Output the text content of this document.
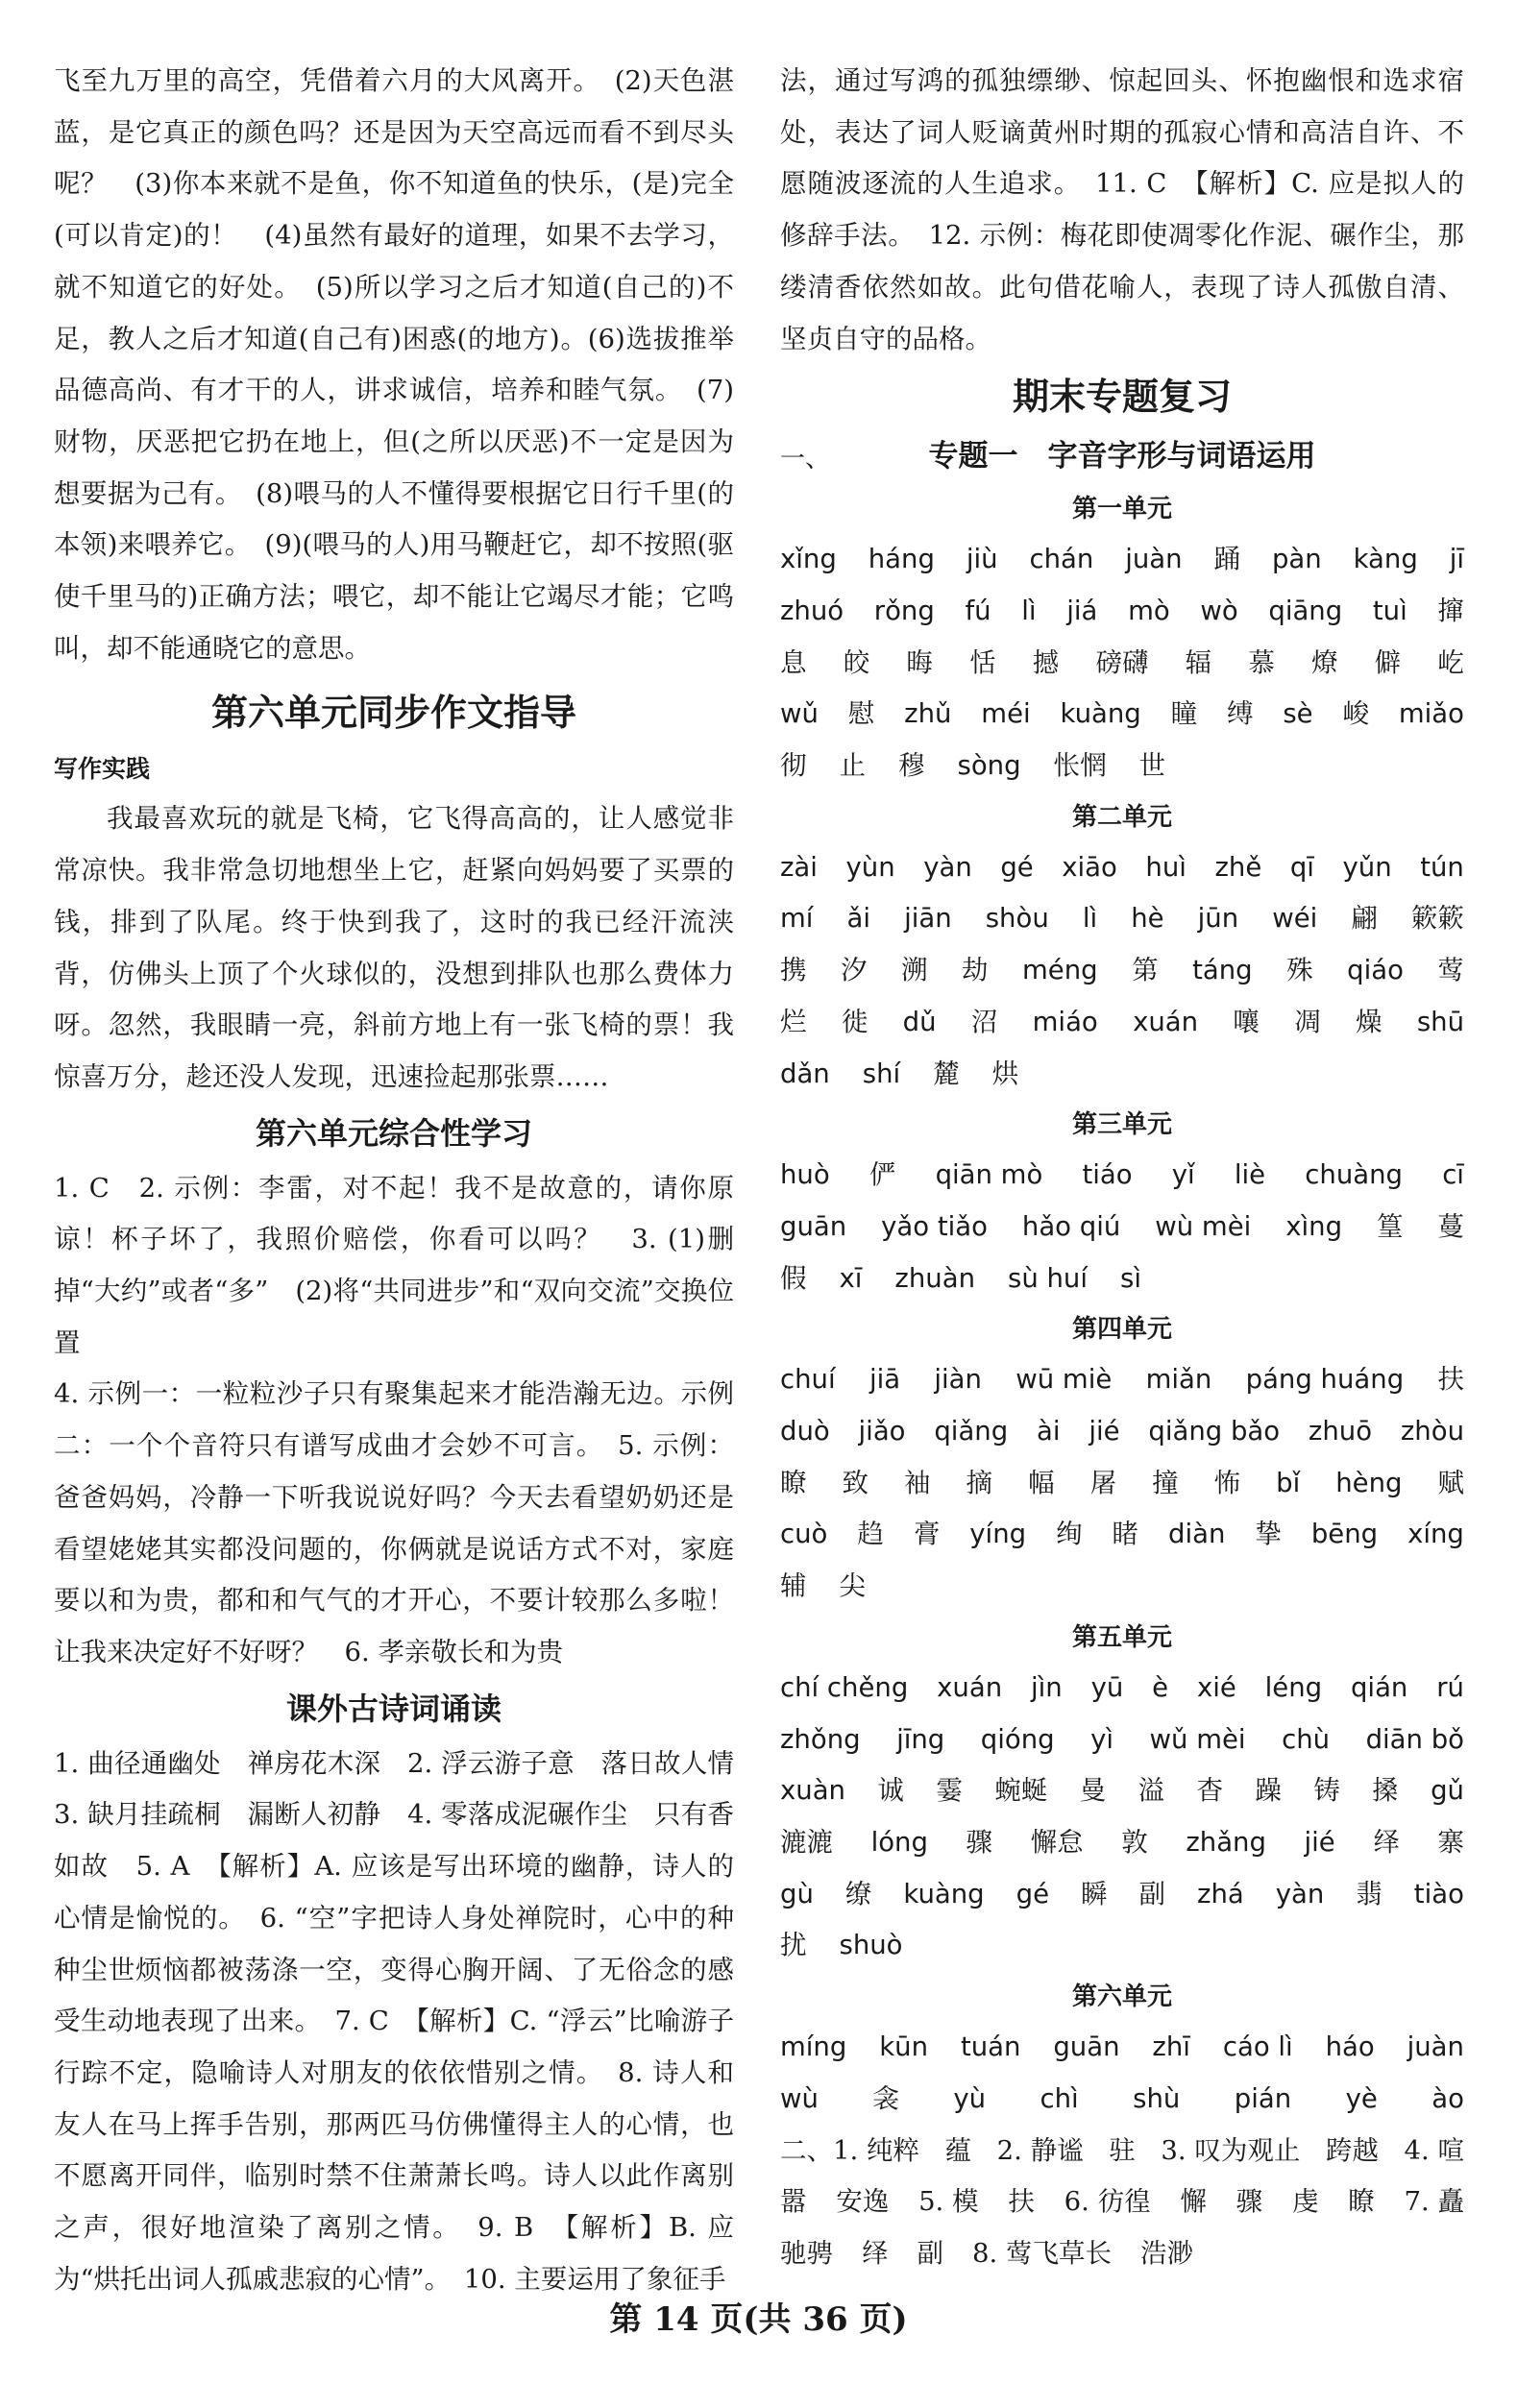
飞至九万里的高空，凭借着六月的大风离开。　(2)天色湛蓝，是它真正的颜色吗？还是因为天空高远而看不到尽头呢？　(3)你本来就不是鱼，你不知道鱼的快乐，(是)完全(可以肯定)的！　(4)虽然有最好的道理，如果不去学习，就不知道它的好处。　(5)所以学习之后才知道(自己的)不足，教人之后才知道(自己有)困惑(的地方)。(6)选拔推举品德高尚、有才干的人，讲求诚信，培养和睦气氛。　(7)财物，厌恶把它扔在地上，但(之所以厌恶)不一定是因为想要据为己有。　(8)喂马的人不懂得要根据它日行千里(的本领)来喂养它。　(9)(喂马的人)用马鞭赶它，却不按照(驱使千里马的)正确方法；喂它，却不能让它竭尽才能；它鸣叫，却不能通晓它的意思。

第六单元同步作文指导

写作实践

我最喜欢玩的就是飞椅，它飞得高高的，让人感觉非常凉快。我非常急切地想坐上它，赶紧向妈妈要了买票的钱，排到了队尾。终于快到我了，这时的我已经汗流浃背，仿佛头上顶了个火球似的，没想到排队也那么费体力呀。忽然，我眼睛一亮，斜前方地上有一张飞椅的票！我惊喜万分，趁还没人发现，迅速捡起那张票……

第六单元综合性学习

1. C　2. 示例：李雷，对不起！我不是故意的，请你原谅！杯子坏了，我照价赔偿，你看可以吗？　3. (1)删掉“大约”或者“多”　(2)将“共同进步”和“双向交流”交换位置

4. 示例一：一粒粒沙子只有聚集起来才能浩瀚无边。示例二：一个个音符只有谱写成曲才会妙不可言。　5. 示例：爸爸妈妈，冷静一下听我说说好吗？今天去看望奶奶还是看望姥姥其实都没问题的，你俩就是说话方式不对，家庭要以和为贵，都和和气气的才开心，不要计较那么多啦！让我来决定好不好呀？　6. 孝亲敬长和为贵

课外古诗词诵读

1. 曲径通幽处　禅房花木深　2. 浮云游子意　落日故人情　3. 缺月挂疏桐　漏断人初静　4. 零落成泥碾作尘　只有香如故　5. A　【解析】A. 应该是写出环境的幽静，诗人的心情是愉悦的。　6. “空”字把诗人身处禅院时，心中的种种尘世烦恼都被荡涤一空，变得心胸开阔、了无俗念的感受生动地表现了出来。　7. C　【解析】C. “浮云”比喻游子行踪不定，隐喻诗人对朋友的依依惜别之情。　8. 诗人和友人在马上挥手告别，那两匹马仿佛懂得主人的心情，也不愿离开同伴，临别时禁不住萧萧长鸣。诗人以此作离别之声，很好地渲染了离别之情。　9. B　【解析】B. 应为“烘托出词人孤戚悲寂的心情”。　10. 主要运用了象征手

法，通过写鸿的孤独缥缈、惊起回头、怀抱幽恨和选求宿处，表达了词人贬谪黄州时期的孤寂心情和高洁自许、不愿随波逐流的人生追求。　11. C　【解析】C. 应是拟人的修辞手法。　12. 示例：梅花即使凋零化作泥、碾作尘，那缕清香依然如故。此句借花喻人，表现了诗人孤傲自清、坚贞自守的品格。

期末专题复习

专题一　字音字形与词语运用

一、

第一单元

xǐng háng jiù chán juàn 踊 pàn kàng jī
zhuó rǒng fú lì jiá mò wò qiāng tuì 撺
息 皎 晦 恬 撼 磅礴 辐 慕 燎 僻 屹
wǔ 慰 zhǔ méi kuàng 瞳 缚 sè 峻 miǎo
彻 止 穆 sòng 怅惘 世

第二单元

zài yùn yàn gé xiāo huì zhě qī yǔn tún
mí ǎi jiān shòu lì hè jūn wéi 翩 簌簌
携 汐 溯 劫 méng 第 táng 殊 qiáo 莺
烂 徙 dǔ 沼 miáo xuán 嚷 凋 燥 shū
dǎn shí 麓 烘

第三单元

huò 俨 qiān mò tiáo yǐ liè chuàng cī
guān yǎo tiǎo hǎo qiú wù mèi xìng 篁 蔓
假 xī zhuàn sù huí sì

第四单元

chuí jiā jiàn wū miè miǎn páng huáng 扶
duò jiǎo qiǎng ài jié qiǎng bǎo zhuō zhòu
瞭 致 袖 摘 幅 屠 撞 怖 bǐ hèng 赋
cuò 趋 膏 yíng 绚 睹 diàn 挚 bēng xíng
辅 尖

第五单元

chí chěng xuán jìn yū è xié léng qián rú
zhǒng jīng qióng yì wǔ mèi chù diān bǒ
xuàn 诚 霎 蜿蜒 曼 溢 杳 躁 铸 搡 gǔ
漉漉 lóng 骤 懈怠 敦 zhǎng jié 绎 寨
gù 缭 kuàng gé 瞬 副 zhá yàn 翡 tiào
扰 shuò

第六单元

míng kūn tuán guān zhī cáo lì háo juàn
wù 衾 yù chì shù pián yè ào
二、1. 纯粹 蕴 2. 静谧 驻 3. 叹为观止 跨越 4. 喧
嚣 安逸 5. 模 扶 6. 彷徨 懈 骤 虔 瞭 7. 矗
驰骋 绎 副 8. 莺飞草长 浩渺
第 14 页(共 36 页)
